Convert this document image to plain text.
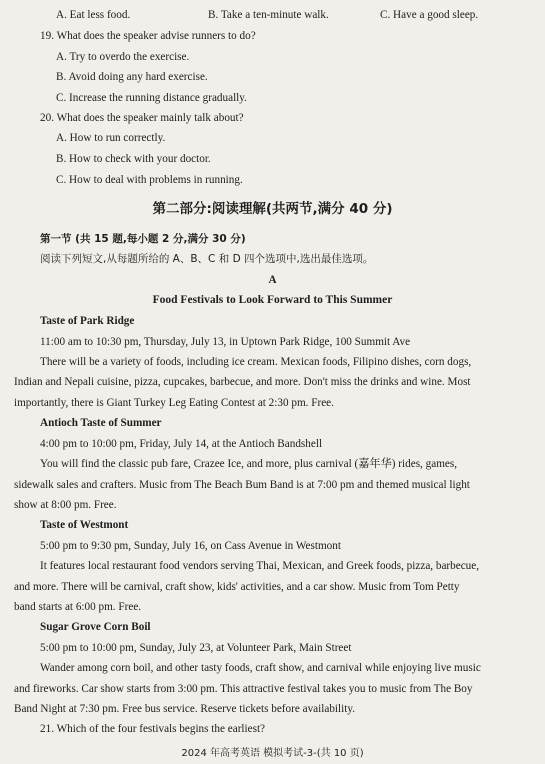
A. Eat less food.	B. Take a ten-minute walk.	C. Have a good sleep.
19. What does the speaker advise runners to do?
A. Try to overdo the exercise.
B. Avoid doing any hard exercise.
C. Increase the running distance gradually.
20. What does the speaker mainly talk about?
A. How to run correctly.
B. How to check with your doctor.
C. How to deal with problems in running.
第二部分:阅读理解(共两节,满分 40 分)
第一节 (共 15 题,每小题 2 分,满分 30 分)
阅读下列短文,从每题所给的 A、B、C 和 D 四个选项中,选出最佳选项。
A
Food Festivals to Look Forward to This Summer
Taste of Park Ridge
11:00 am to 10:30 pm, Thursday, July 13, in Uptown Park Ridge, 100 Summit Ave
There will be a variety of foods, including ice cream. Mexican foods, Filipino dishes, corn dogs,
Indian and Nepali cuisine, pizza, cupcakes, barbecue, and more. Don't miss the drinks and wine. Most
importantly, there is Giant Turkey Leg Eating Contest at 2:30 pm. Free.
Antioch Taste of Summer
4:00 pm to 10:00 pm, Friday, July 14, at the Antioch Bandshell
You will find the classic pub fare, Crazee Ice, and more, plus carnival (嘉年华) rides, games,
sidewalk sales and crafters. Music from The Beach Bum Band is at 7:00 pm and themed musical light
show at 8:00 pm. Free.
Taste of Westmont
5:00 pm to 9:30 pm, Sunday, July 16, on Cass Avenue in Westmont
It features local restaurant food vendors serving Thai, Mexican, and Greek foods, pizza, barbecue,
and more. There will be carnival, craft show, kids' activities, and a car show. Music from Tom Petty
band starts at 6:00 pm. Free.
Sugar Grove Corn Boil
5:00 pm to 10:00 pm, Sunday, July 23, at Volunteer Park, Main Street
Wander among corn boil, and other tasty foods, craft show, and carnival while enjoying live music
and fireworks. Car show starts from 3:00 pm. This attractive festival takes you to music from The Boy
Band Night at 7:30 pm. Free bus service. Reserve tickets before availability.
21. Which of the four festivals begins the earliest?
2024 年高考英语 模拟考试-3-(共 10 页)
